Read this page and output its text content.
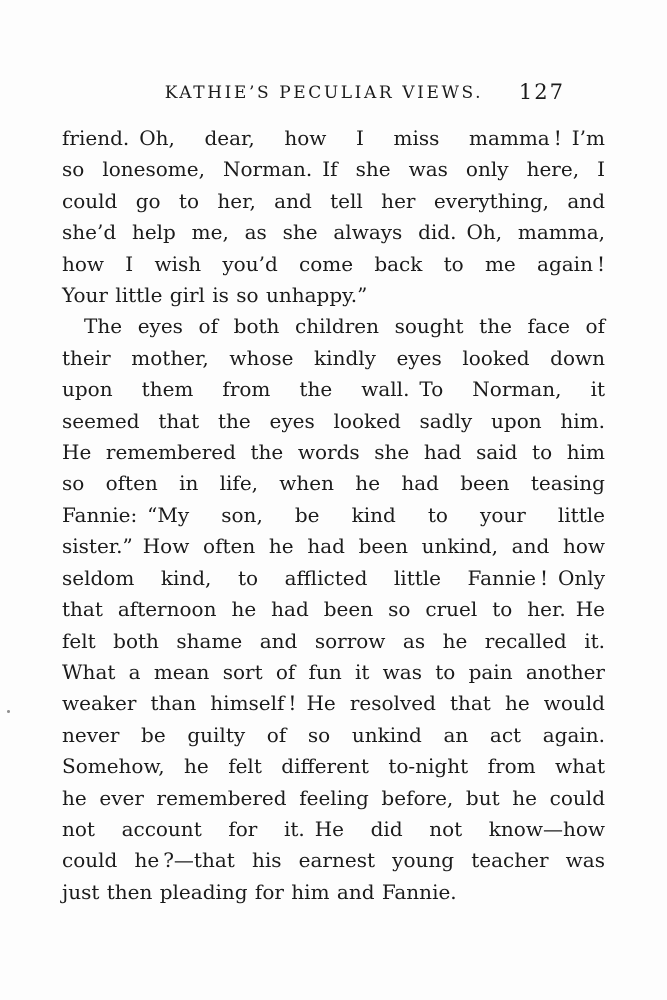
KATHIE’S PECULIAR VIEWS. 127
friend. Oh, dear, how I miss mamma ! I’m
so lonesome, Norman. If she was only here, I
could go to her, and tell her everything, and
she’d help me, as she always did. Oh, mamma,
how I wish you’d come back to me again !
Your little girl is so unhappy.”
The eyes of both children sought the face of
their mother, whose kindly eyes looked down
upon them from the wall. To Norman, it
seemed that the eyes looked sadly upon him.
He remembered the words she had said to him
so often in life, when he had been teasing
Fannie: “My son, be kind to your little
sister.” How often he had been unkind, and how
seldom kind, to afflicted little Fannie ! Only
that afternoon he had been so cruel to her. He
felt both shame and sorrow as he recalled it.
What a mean sort of fun it was to pain another
weaker than himself ! He resolved that he would
never be guilty of so unkind an act again.
Somehow, he felt different to-night from what
he ever remembered feeling before, but he could
not account for it. He did not know—how
could he ?—that his earnest young teacher was
just then pleading for him and Fannie.
